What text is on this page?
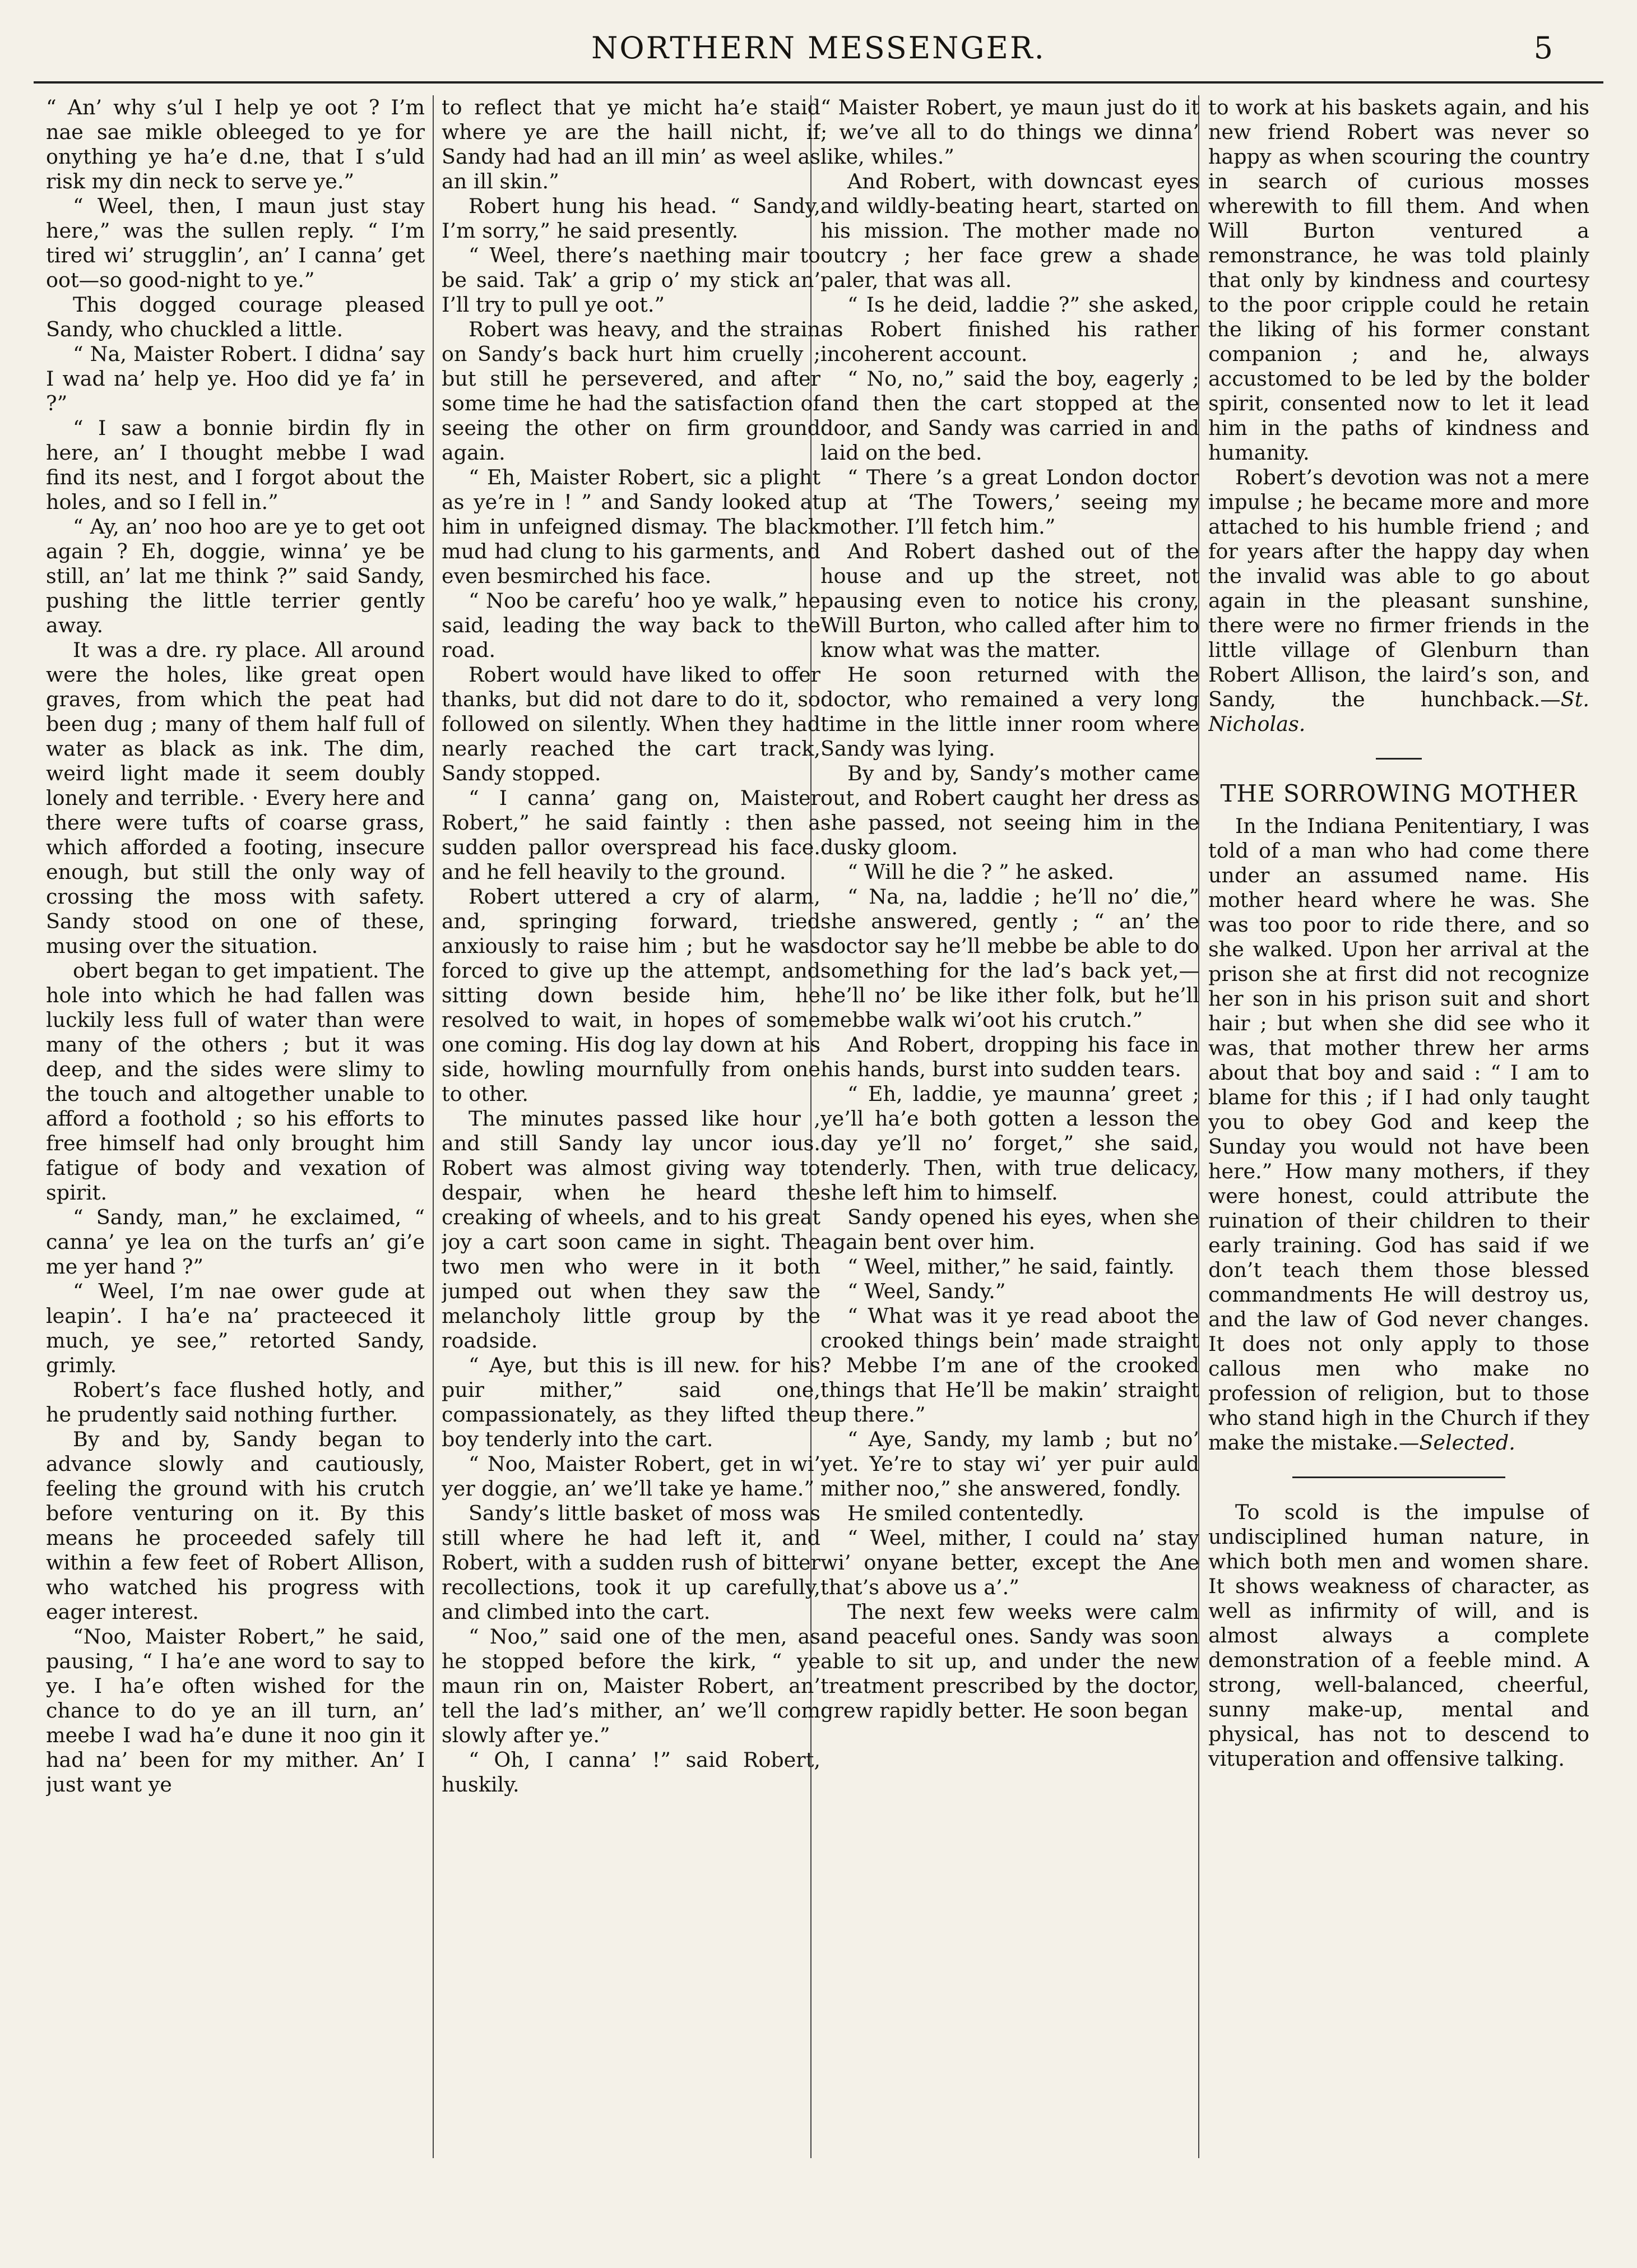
NORTHERN MESSENGER.	5

“ An’ why s’ul I help ye oot ? I’m nae sae mikle obleeged to ye for onything ye ha’e d.ne, that I s’uld risk my din neck to serve ye.”

“ Weel, then, I maun just stay here,” was the sullen reply. “ I’m tired wi’ strugglin’, an’ I canna’ get oot—so good-night to ye.”

This dogged courage pleased Sandy, who chuckled a little.

“ Na, Maister Robert. I didna’ say I wad na’ help ye. Hoo did ye fa’ in ?”

“ I saw a bonnie birdin fly in here, an’ I thought mebbe I wad find its nest, and I forgot about the holes, and so I fell in.”

“ Ay, an’ noo hoo are ye to get oot again ? Eh, doggie, winna’ ye be still, an’ lat me think ?” said Sandy, pushing the little terrier gently away.

It was a dre. ry place. All around were the holes, like great open graves, from which the peat had been dug ; many of them half full of water as black as ink. The dim, weird light made it seem doubly lonely and terrible. · Every here and there were tufts of coarse grass, which afforded a footing, insecure enough, but still the only way of crossing the moss with safety. Sandy stood on one of these, musing over the situation.

obert began to get impatient. The hole into which he had fallen was luckily less full of water than were many of the others ; but it was deep, and the sides were slimy to the touch and altogether unable to afford a foothold ; so his efforts to free himself had only brought him fatigue of body and vexation of spirit.

“ Sandy, man,” he exclaimed, “ canna’ ye lea on the turfs an’ gi’e me yer hand ?”

“ Weel, I’m nae ower gude at leapin’. I ha’e na’ practeeced it much, ye see,” retorted Sandy, grimly.

Robert’s face flushed hotly, and he prudently said nothing further.

By and by, Sandy began to advance slowly and cautiously, feeling the ground with his crutch before venturing on it. By this means he proceeded safely till within a few feet of Robert Allison, who watched his progress with eager interest.

“Noo, Maister Robert,” he said, pausing, “ I ha’e ane word to say to ye. I ha’e often wished for the chance to do ye an ill turn, an’ meebe I wad ha’e dune it noo gin it had na’ been for my mither. An’ I just want ye

to reflect that ye micht ha’e staid where ye are the haill nicht, if Sandy had had an ill min’ as weel as an ill skin.”

Robert hung his head. “ Sandy, I’m sorry,” he said presently.

“ Weel, there’s naething mair to be said. Tak’ a grip o’ my stick an’ I’ll try to pull ye oot.”

Robert was heavy, and the strain on Sandy’s back hurt him cruelly ; but still he persevered, and after some time he had the satisfaction of seeing the other on firm ground again.

“ Eh, Maister Robert, sic a plight as ye’re in ! ” and Sandy looked at him in unfeigned dismay. The black mud had clung to his garments, and even besmirched his face.

“ Noo be carefu’ hoo ye walk,” he said, leading the way back to the road.

Robert would have liked to offer thanks, but did not dare to do it, so followed on silently. When they had nearly reached the cart track, Sandy stopped.

“ I canna’ gang on, Maister Robert,” he said faintly : then a sudden pallor overspread his face. and he fell heavily to the ground.

Robert uttered a cry of alarm, and, springing forward, tried anxiously to raise him ; but he was forced to give up the attempt, and sitting down beside him, he resolved to wait, in hopes of some one coming. His dog lay down at his side, howling mournfully from one to other.

The minutes passed like hour , and still Sandy lay uncor ious. Robert was almost giving way to despair, when he heard the creaking of wheels, and to his great joy a cart soon came in sight. The two men who were in it both jumped out when they saw the melancholy little group by the roadside.

“ Aye, but this is ill new. for his puir mither,” said one, compassionately, as they lifted the boy tenderly into the cart.

“ Noo, Maister Robert, get in wi’ yer doggie, an’ we’ll take ye hame.”

Sandy’s little basket of moss was still where he had left it, and Robert, with a sudden rush of bitter recollections, took it up carefully, and climbed into the cart.

“ Noo,” said one of the men, as he stopped before the kirk, “ ye maun rin on, Maister Robert, an’ tell the lad’s mither, an’ we’ll com slowly after ye.”

“ Oh, I canna’ !” said Robert, huskily.

“ Maister Robert, ye maun just do it ; we’ve all to do things we dinna’ like, whiles.”

And Robert, with downcast eyes and wildly-beating heart, started on his mission. The mother made no outcry ; her face grew a shade paler, that was all.

“ Is he deid, laddie ?” she asked, as Robert finished his rather incoherent account.

“ No, no,” said the boy, eagerly ; and then the cart stopped at the door, and Sandy was carried in and laid on the bed.

“ There ’s a great London doctor up at ‘The Towers,’ seeing my mother. I’ll fetch him.”

And Robert dashed out of the house and up the street, not pausing even to notice his crony, Will Burton, who called after him to know what was the matter.

He soon returned with the doctor, who remained a very long time in the little inner room where Sandy was lying.

By and by, Sandy’s mother came out, and Robert caught her dress as she passed, not seeing him in the dusky gloom.

“ Will he die ? ” he asked.

“ Na, na, laddie ; he’ll no’ die,” she answered, gently ; “ an’ the doctor say he’ll mebbe be able to do something for the lad’s back yet,—he’ll no’ be like ither folk, but he’ll mebbe walk wi’oot his crutch.”

And Robert, dropping his face in his hands, burst into sudden tears.

“ Eh, laddie, ye maunna’ greet ; ye’ll ha’e both gotten a lesson the day ye’ll no’ forget,” she said, tenderly. Then, with true delicacy, she left him to himself.

Sandy opened his eyes, when she again bent over him.

“ Weel, mither,” he said, faintly.

“ Weel, Sandy.”

“ What was it ye read aboot the crooked things bein’ made straight ? Mebbe I’m ane of the crooked things that He’ll be makin’ straight up there.”

“ Aye, Sandy, my lamb ; but no’ yet. Ye’re to stay wi’ yer puir auld mither noo,” she answered, fondly.

He smiled contentedly.

“ Weel, mither, I could na’ stay wi’ onyane better, except the Ane that’s above us a’.”

The next few weeks were calm and peaceful ones. Sandy was soon able to sit up, and under the new treatment prescribed by the doctor, grew rapidly better. He soon began

to work at his baskets again, and his new friend Robert was never so happy as when scouring the country in search of curious mosses wherewith to fill them. And when Will Burton ventured a remonstrance, he was told plainly that only by kindness and courtesy to the poor cripple could he retain the liking of his former constant companion ; and he, always accustomed to be led by the bolder spirit, consented now to let it lead him in the paths of kindness and humanity.

Robert’s devotion was not a mere impulse ; he became more and more attached to his humble friend ; and for years after the happy day when the invalid was able to go about again in the pleasant sunshine, there were no firmer friends in the little village of Glenburn than Robert Allison, the laird’s son, and Sandy, the hunchback.—St. Nicholas.

THE SORROWING MOTHER

In the Indiana Penitentiary, I was told of a man who had come there under an assumed name. His mother heard where he was. She was too poor to ride there, and so she walked. Upon her arrival at the prison she at first did not recognize her son in his prison suit and short hair ; but when she did see who it was, that mother threw her arms about that boy and said : “ I am to blame for this ; if I had only taught you to obey God and keep the Sunday you would not have been here.” How many mothers, if they were honest, could attribute the ruination of their children to their early training. God has said if we don’t teach them those blessed commandments He will destroy us, and the law of God never changes. It does not only apply to those callous men who make no profession of religion, but to those who stand high in the Church if they make the mistake.—Selected.

To scold is the impulse of undisciplined human nature, in which both men and women share. It shows weakness of character, as well as infirmity of will, and is almost always a complete demonstration of a feeble mind. A strong, well-balanced, cheerful, sunny make-up, mental and physical, has not to descend to vituperation and offensive talking.
